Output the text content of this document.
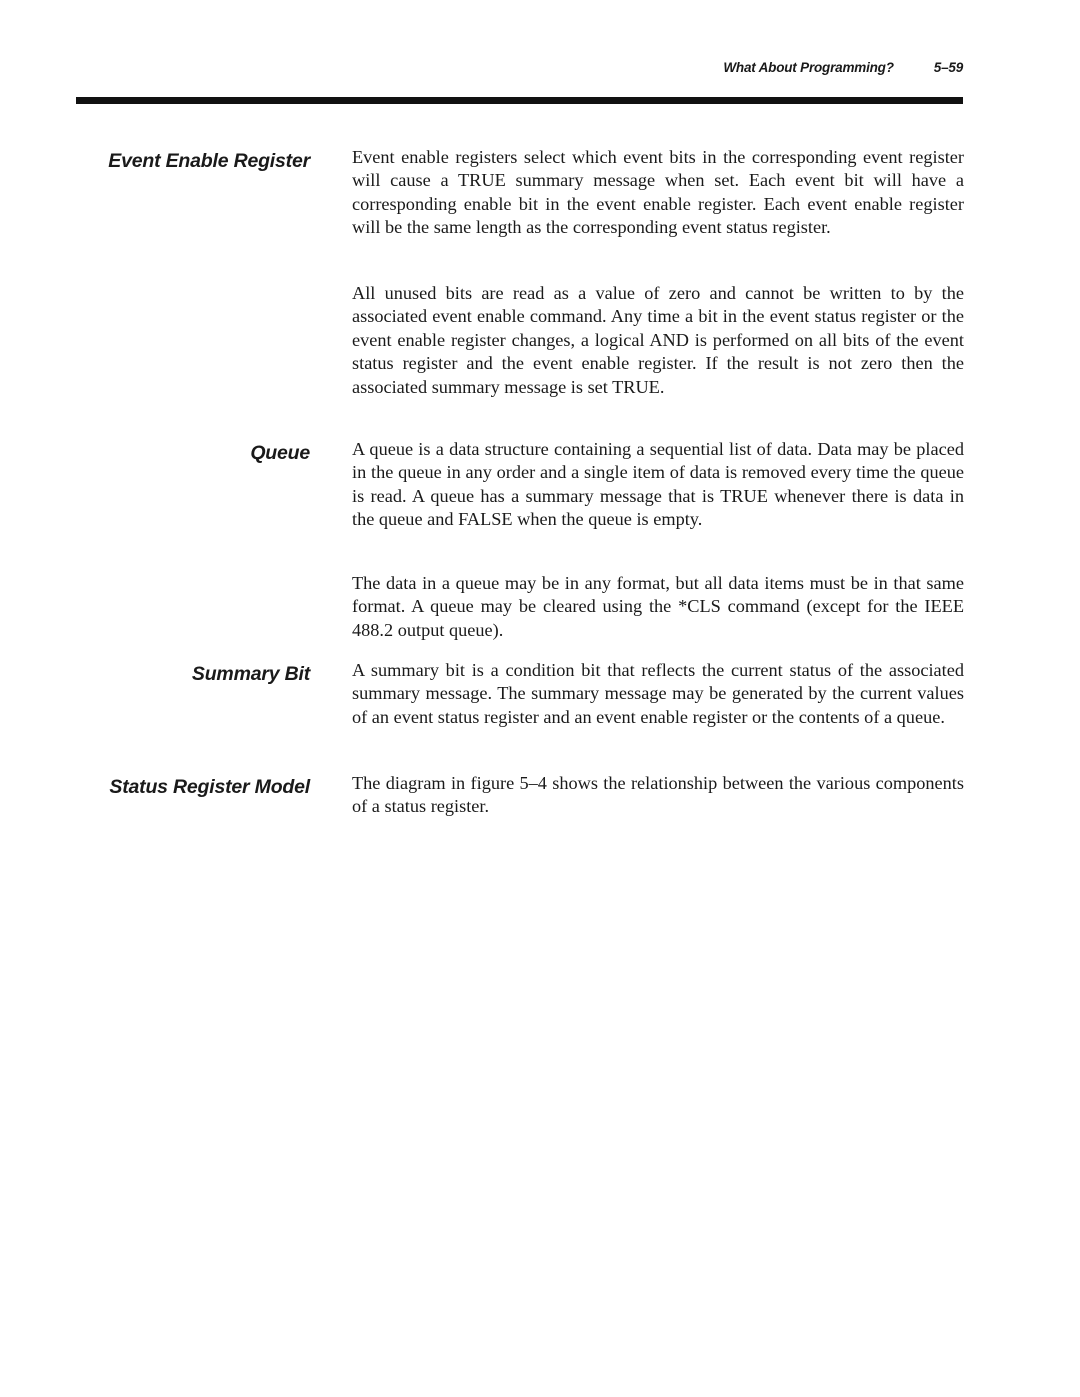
What About Programming?	5–59
Event Enable Register Event enable registers select which event bits in the corresponding event register will cause a TRUE summary message when set. Each event bit will have a corresponding enable bit in the event enable register. Each event enable register will be the same length as the corresponding event status register.

All unused bits are read as a value of zero and cannot be written to by the associated event enable command. Any time a bit in the event status register or the event enable register changes, a logical AND is performed on all bits of the event status register and the event enable register. If the result is not zero then the associated summary message is set TRUE.

Queue A queue is a data structure containing a sequential list of data. Data may be placed in the queue in any order and a single item of data is removed every time the queue is read. A queue has a summary message that is TRUE whenever there is data in the queue and FALSE when the queue is empty.

The data in a queue may be in any format, but all data items must be in that same format. A queue may be cleared using the *CLS command (except for the IEEE 488.2 output queue).

Summary Bit A summary bit is a condition bit that reflects the current status of the associated summary message. The summary message may be generated by the current values of an event status register and an event enable register or the contents of a queue.

Status Register Model The diagram in figure 5–4 shows the relationship between the various components of a status register.
